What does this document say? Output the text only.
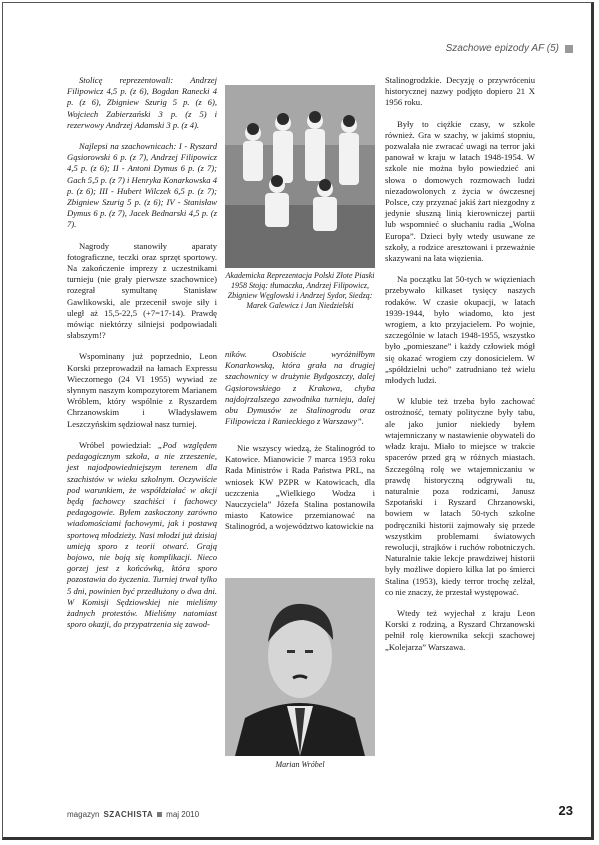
Szachowe epizody AF (5)

Stolicę reprezentowali: Andrzej Filipowicz 4,5 p. (z 6), Bogdan Ranecki 4 p. (z 6), Zbigniew Szurig 5 p. (z 6), Wojciech Zabierzański 3 p. (z 5) i rezerwowy Andrzej Adamski 3 p. (z 4).

Najlepsi na szachownicach: I - Ryszard Gąsiorowski 6 p. (z 7), Andrzej Filipowicz 4,5 p. (z 6); II - Antoni Dymus 6 p. (z 7); Gach 5,5 p. (z 7) i Henryka Konarkowska 4 p. (z 6); III - Hubert Wilczek 6,5 p. (z 7); Zbigniew Szurig 5 p. (z 6); IV - Stanisław Dymus 6 p. (z 7), Jacek Bednarski 4,5 p. (z 7).

Nagrody stanowiły aparaty fotograficzne, teczki oraz sprzęt sportowy. Na zakończenie imprezy z uczestnikami turnieju (nie grały pierwsze szachownice) rozegrał symultanę Stanisław Gawlikowski, ale przecenił swoje siły i uległ aż 15,5-22,5 (+7=17-14). Prawdę mówiąc niektórzy silniejsi podpowiadali słabszym!?

Wspominany już poprzednio, Leon Korski przeprowadził na łamach Expressu Wieczornego (24 VI 1955) wywiad ze słynnym naszym kompozytorem Marianem Wróblem, który wspólnie z Ryszardem Chrzanowskim i Władysławem Leszczyńskim sędziował nasz turniej.

Wróbel powiedział: „Pod względem pedagogicznym szkoła, a nie zrzeszenie, jest najodpowiedniejszym terenem dla szachistów w wieku szkolnym. Oczywiście pod warunkiem, że współdziałać w akcji będą fachowcy szachiści i fachowcy pedagogowie. Byłem zaskoczony zarówno wiadomościami fachowymi, jak i postawą sportową młodzieży. Nasi młodzi już dzisiaj umieją sporo z teorii otwarć. Grają bojowo, nie boją się komplikacji. Nieco gorzej jest z końcówką, która sporo pozostawia do życzenia. Turniej trwał tylko 5 dni, powinien być przedłużony o dwa dni. W Komisji Sędziowskiej nie mieliśmy żadnych protestów. Mieliśmy natomiast sporo okazji, do przypatrzenia się zawod-

Akademicka Reprezentacja Polski Złote Piaski 1958 Stoją: tłumaczka, Andrzej Filipowicz, Zbigniew Węglowski i Andrzej Sydor, Siedzą: Marek Galewicz i Jan Niedzielski

ników. Osobiście wyróżniłbym Konarkowską, która grała na drugiej szachownicy w drużynie Bydgoszczy, dalej Gąsiorowskiego z Krakowa, chyba najdojrzalszego zawodnika turnieju, dalej obu Dymusów ze Stalinogrodu oraz Filipowicza i Ranieckiego z Warszawy”.

Nie wszyscy wiedzą, że Stalinogród to Katowice. Mianowicie 7 marca 1953 roku Rada Ministrów i Rada Państwa PRL, na wniosek KW PZPR w Katowicach, dla uczczenia „Wielkiego Wodza i Nauczyciela” Józefa Stalina postanowiła miasto Katowice przemianować na Stalinogród, a województwo katowickie na

Marian Wróbel

Stalinogrodzkie. Decyzję o przywróceniu historycznej nazwy podjęto dopiero 21 X 1956 roku.

Były to ciężkie czasy, w szkole również. Gra w szachy, w jakimś stopniu, pozwalała nie zwracać uwagi na terror jaki panował w kraju w latach 1948-1954. W szkole nie można było powiedzieć ani słowa o domowych rozmowach ludzi niezadowolonych z życia w ówczesnej Polsce, czy przyznać jakiś żart niezgodny z jedynie słuszną linią kierowniczej partii lub wspomnieć o słuchaniu radia „Wolna Europa”. Dzieci były wtedy usuwane ze szkoły, a rodzice aresztowani i przeważnie skazywani na lata więzienia.

Na początku lat 50-tych w więzieniach przebywało kilkaset tysięcy naszych rodaków. W czasie okupacji, w latach 1939-1944, było wiadomo, kto jest wrogiem, a kto przyjacielem. Po wojnie, szczególnie w latach 1948-1955, wszystko było „pomieszane” i każdy człowiek mógł się okazać wrogiem czy donosicielem. W „spółdzielni ucho” zatrudniano też wielu młodych ludzi.

W klubie też trzeba było zachować ostrożność, tematy polityczne były tabu, ale jako junior niekiedy byłem wtajemniczany w nastawienie obywateli do władz kraju. Miało to miejsce w trakcie spacerów przed grą w różnych miastach. Szczególną rolę we wtajemniczaniu w prawdę historyczną odgrywali tu, naturalnie poza rodzicami, Janusz Szpotański i Ryszard Chrzanowski, bowiem w latach 50-tych szkolne podręczniki historii zajmowały się przede wszystkim problemami światowych rewolucji, strajków i ruchów robotniczych. Naturalnie takie lekcje prawdziwej historii były możliwe dopiero kilka lat po śmierci Stalina (1953), kiedy terror trochę zelżał, co nie znaczy, że przestał występować.

Wtedy też wyjechał z kraju Leon Korski z rodziną, a Ryszard Chrzanowski pełnił rolę kierownika sekcji szachowej „Kolejarza” Warszawa.

magazyn SZACHISTA maj 2010	23
